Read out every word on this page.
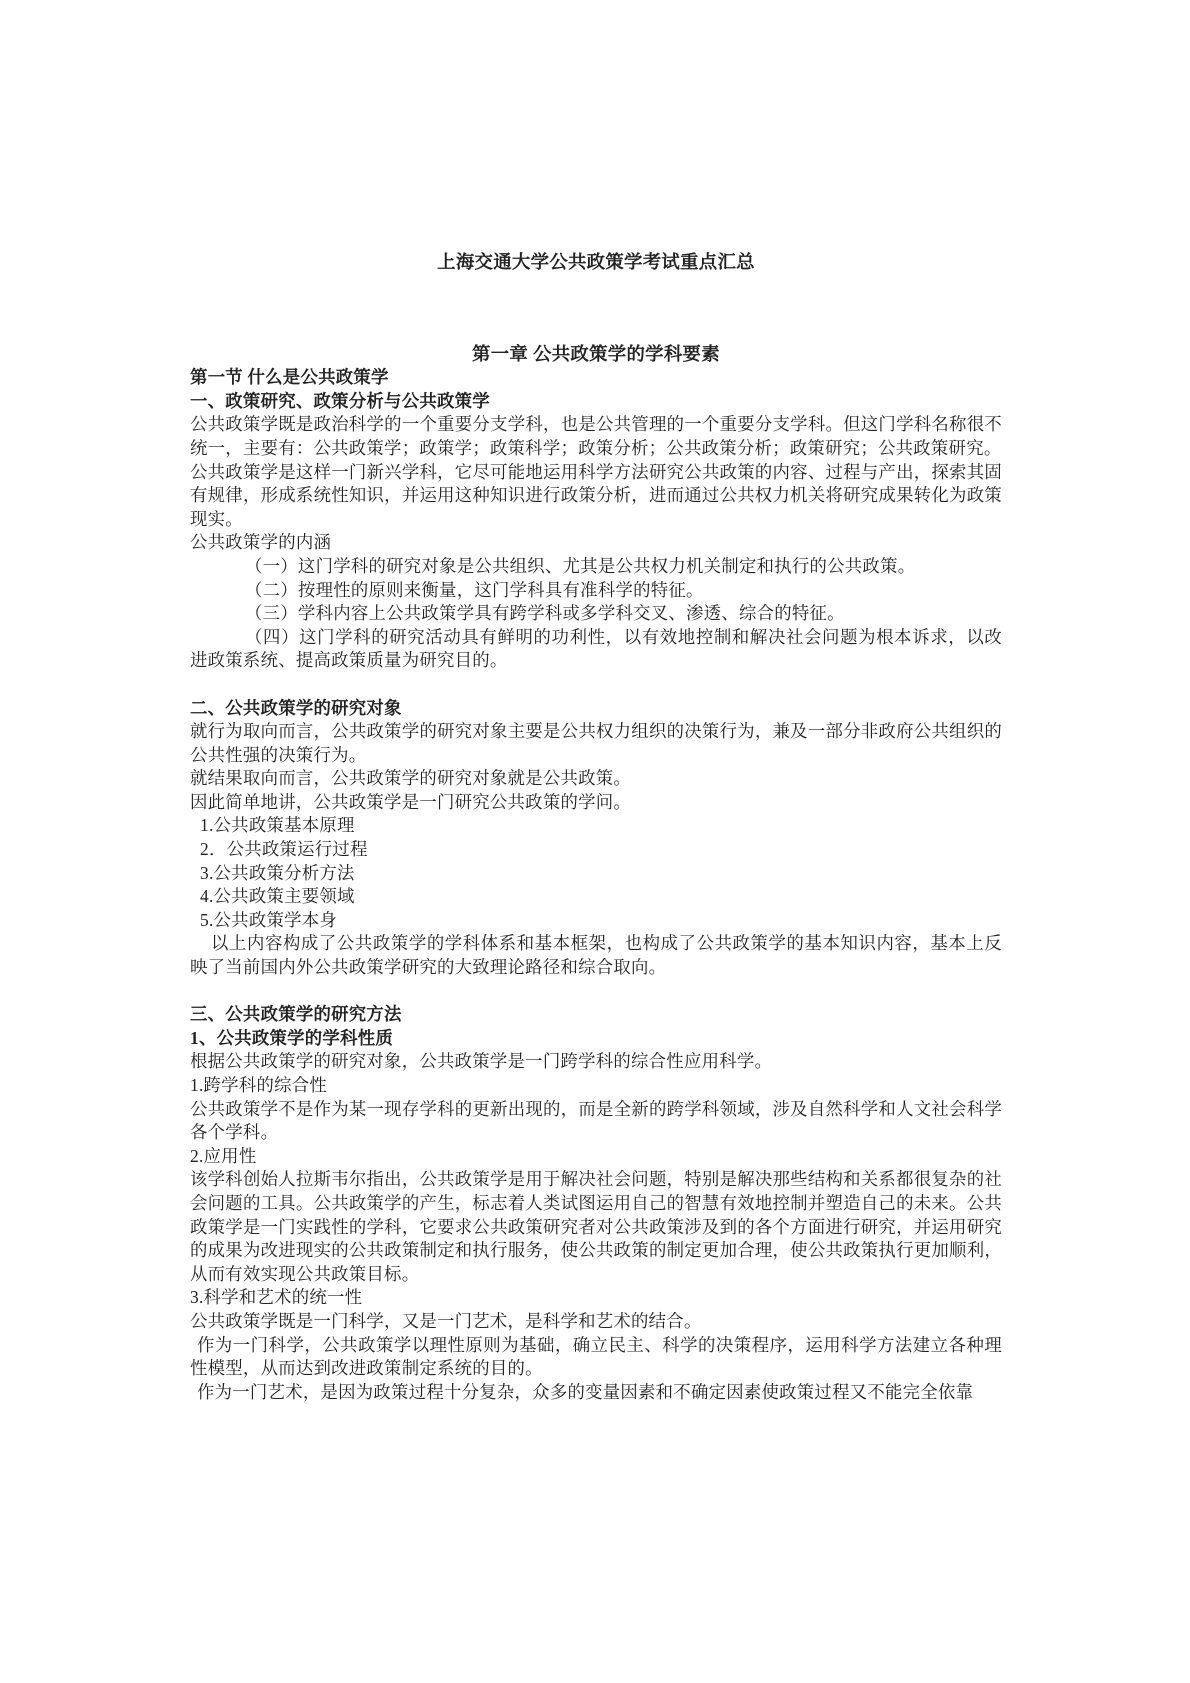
上海交通大学公共政策学考试重点汇总

第一章 公共政策学的学科要素

第一节 什么是公共政策学

一、政策研究、政策分析与公共政策学

公共政策学既是政治科学的一个重要分支学科，也是公共管理的一个重要分支学科。但这门学科名称很不统一，主要有：公共政策学；政策学；政策科学；政策分析；公共政策分析；政策研究；公共政策研究。

公共政策学是这样一门新兴学科，它尽可能地运用科学方法研究公共政策的内容、过程与产出，探索其固有规律，形成系统性知识，并运用这种知识进行政策分析，进而通过公共权力机关将研究成果转化为政策现实。

公共政策学的内涵

（一）这门学科的研究对象是公共组织、尤其是公共权力机关制定和执行的公共政策。

（二）按理性的原则来衡量，这门学科具有准科学的特征。

（三）学科内容上公共政策学具有跨学科或多学科交叉、渗透、综合的特征。

（四）这门学科的研究活动具有鲜明的功利性，以有效地控制和解决社会问题为根本诉求，以改进政策系统、提高政策质量为研究目的。

二、公共政策学的研究对象

就行为取向而言，公共政策学的研究对象主要是公共权力组织的决策行为，兼及一部分非政府公共组织的公共性强的决策行为。

就结果取向而言，公共政策学的研究对象就是公共政策。

因此简单地讲，公共政策学是一门研究公共政策的学问。

1.公共政策基本原理

2．公共政策运行过程

3.公共政策分析方法

4.公共政策主要领域

5.公共政策学本身

以上内容构成了公共政策学的学科体系和基本框架，也构成了公共政策学的基本知识内容，基本上反映了当前国内外公共政策学研究的大致理论路径和综合取向。

三、公共政策学的研究方法

1、公共政策学的学科性质

根据公共政策学的研究对象，公共政策学是一门跨学科的综合性应用科学。

1.跨学科的综合性

公共政策学不是作为某一现存学科的更新出现的，而是全新的跨学科领域，涉及自然科学和人文社会科学各个学科。

2.应用性

该学科创始人拉斯韦尔指出，公共政策学是用于解决社会问题，特别是解决那些结构和关系都很复杂的社会问题的工具。公共政策学的产生，标志着人类试图运用自己的智慧有效地控制并塑造自己的未来。公共政策学是一门实践性的学科，它要求公共政策研究者对公共政策涉及到的各个方面进行研究，并运用研究的成果为改进现实的公共政策制定和执行服务，使公共政策的制定更加合理，使公共政策执行更加顺利，从而有效实现公共政策目标。

3.科学和艺术的统一性

公共政策学既是一门科学，又是一门艺术，是科学和艺术的结合。

作为一门科学，公共政策学以理性原则为基础，确立民主、科学的决策程序，运用科学方法建立各种理性模型，从而达到改进政策制定系统的目的。

作为一门艺术，是因为政策过程十分复杂，众多的变量因素和不确定因素使政策过程又不能完全依靠
